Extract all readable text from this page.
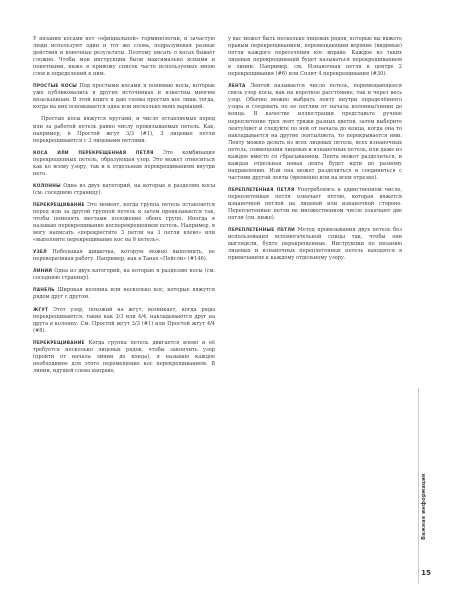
У вязания косами нет «официальной» терминологии, и зачастую люди используют один и тот же слова, подразумевая разные действия и конечные результаты. Поэтому писать о косах бывает сложно. Чтобы мои инструкции были максимально ясными и понятными, ниже я привожу список часто используемых мною слов и определений к ним.

ПРОСТЫЕ КОСЫ Под простыми косами я понимаю косы, которые уже публиковались в других источниках и известны многим вязальщицам. В этой книге я даю схемы простых кос лишь тогда, когда на них основывается одна или несколько моих вариаций.

Простые косы вяжутся кругами, и число оставляемых перед или за работой петель равно числу провязываемых петель. Как, например, в Простой жгут 3/3 (#1), 3 лицевые петли перекрещиваются с 3 лицевыми петлями.

КОСА ИЛИ ПЕРЕКРЕЩЕННАЯ ПЕТЛЯ Это комбинация перекрещенных петель, образующая узор. Это может относиться как ко всему узору, так и к отдельным перекрещиваниям внутри него.

КОЛОННЫ Одна из двух категорий, на которые я разделяю косы (см. соседнюю страницу).

ПЕРЕКРЕЩИВАНИЕ Это момент, когда группа петель оставляется перед или за другой группой петель и затем провязывается так, чтобы поменять местами положение обеих групп. Иногда я называю перекрещивание косперекрещением петель. Например, я могу написать «перекрестите 3 петли на 3 петли влево» или «выполните перекрещивание кос на 6 петель».

УЗЕЛ Небольшая шишечка, которую можно выполнить, не переворачивая работу. Например, как в Танах «Пейсли» (#146).

ЛИНИИ Одна из двух категорий, на которые я разделяю косы (см. соседнюю страницу).

ПАНЕЛЬ Широкая колонна или несколько кос, которые вяжутся рядом друг с другом.

ЖГУТ Этот узор, похожий на жгут, возникает, когда ряды перекрещиваются, такие как 3/3 или 4/4, накладываются друг на друга в колонну. См. Простой жгут 3/3 (#1) или Простой жгут 4/4 (#8).

ПЕРЕКРЕЩИВАНИЕ Когда группа петель двигается влево и её требуется несколько лицевых рядов, чтобы закончить узор (пройти от начала линии до конца), я называю каждое необходимое для этого перемещение кос перекрещиванием. В линии, идущей слева направо,

у вас может быть несколько лицевых рядов, которые вы вяжете правым перекрещиванием, перемещающим верхние (видимые) петли каждого пересечения кос вправо. Каждое из таких лицевых перекрещиваний будет называться перекрещиванием в линии. Например, см. Изнаночная петля в центре 2 перекрещивания (#6) или Сплит 4 перекрещивания (#30).

ЛЕНТА Лентой называется число петель, перемещающееся связь узор косы, как на короткое расстояние, так и через весь узор. Обычно можно выбрать ленту внутри определённого узора и следовать по ее петлям от начала колонны/линии до конца. В качестве иллюстрации представьте ручное переплетение трех лент тряжи разных цветов, затем выберите ленту/цвет и следуйте по ней от начала до конца, когда она то накладывается на другие ленты/цвета, то перекрывается ими. Ленту можно делать из всех лицевых петель, всех изнаночных петель, совмещения лицевых и изнаночных петель, или даже из каждое вместе со сбрасыванием. Лента может разделиться, и каждая отдельная новая лента будет идти по разному направлению. Или она может разделиться и соединиться с частями другой ленты (временно или на всем отрезке).

ПЕРЕПЛЕТЕННАЯ ПЕТЛЯ Употребляясь в единственном числе, переплетенная петля означает петлю, которая вяжется изнаночной петлей на лицевой или изнаночной стороне. Переплетенные петли во множественном числе означают две петли (см. ниже).

ПЕРЕПЛЕТЕННЫЕ ПЕТЛИ Метод провязывания двух петель без использования вспомогательной спицы так, чтобы они выглядели, будто перекрещенные. Инструкции по вязанию лицевых и изнаночных переплетенных петель находятся в примечаниях к каждому отдельному узору.

Важная информация
15
